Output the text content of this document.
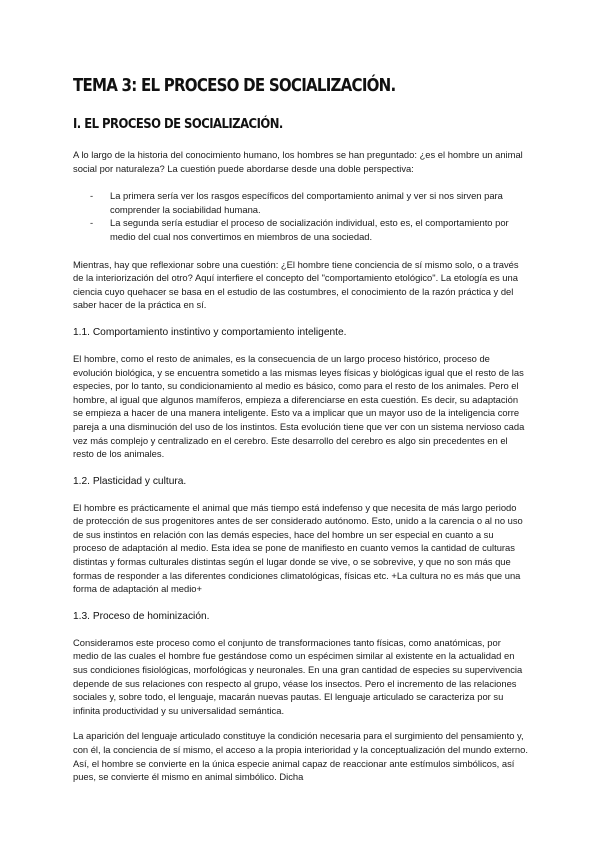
TEMA 3: EL PROCESO DE SOCIALIZACIÓN.
I. EL PROCESO DE SOCIALIZACIÓN.

A lo largo de la historia del conocimiento humano, los hombres se han preguntado: ¿es el hombre un animal social por naturaleza? La cuestión puede abordarse desde una doble perspectiva:

- La primera sería ver los rasgos específicos del comportamiento animal y ver si nos sirven para comprender la sociabilidad humana.
- La segunda sería estudiar el proceso de socialización individual, esto es, el comportamiento por medio del cual nos convertimos en miembros de una sociedad.

Mientras, hay que reflexionar sobre una cuestión: ¿El hombre tiene conciencia de sí mismo solo, o a través de la interiorización del otro? Aquí interfiere el concepto del "comportamiento etológico". La etología es una ciencia cuyo quehacer se basa en el estudio de las costumbres, el conocimiento de la razón práctica y del saber hacer de la práctica en sí.

1.1. Comportamiento instintivo y comportamiento inteligente.

El hombre, como el resto de animales, es la consecuencia de un largo proceso histórico, proceso de evolución biológica, y se encuentra sometido a las mismas leyes físicas y biológicas igual que el resto de las especies, por lo tanto, su condicionamiento al medio es básico, como para el resto de los animales. Pero el hombre, al igual que algunos mamíferos, empieza a diferenciarse en esta cuestión. Es decir, su adaptación se empieza a hacer de una manera inteligente. Esto va a implicar que un mayor uso de la inteligencia corre pareja a una disminución del uso de los instintos. Esta evolución tiene que ver con un sistema nervioso cada vez más complejo y centralizado en el cerebro. Este desarrollo del cerebro es algo sin precedentes en el resto de los animales.

1.2. Plasticidad y cultura.

El hombre es prácticamente el animal que más tiempo está indefenso y que necesita de más largo periodo de protección de sus progenitores antes de ser considerado autónomo. Esto, unido a la carencia o al no uso de sus instintos en relación con las demás especies, hace del hombre un ser especial en cuanto a su proceso de adaptación al medio. Esta idea se pone de manifiesto en cuanto vemos la cantidad de culturas distintas y formas culturales distintas según el lugar donde se vive, o se sobrevive, y que no son más que formas de responder a las diferentes condiciones climatológicas, físicas etc. +La cultura no es más que una forma de adaptación al medio+

1.3. Proceso de hominización.

Consideramos este proceso como el conjunto de transformaciones tanto físicas, como anatómicas, por medio de las cuales el hombre fue gestándose como un espécimen similar al existente en la actualidad en sus condiciones fisiológicas, morfológicas y neuronales. En una gran cantidad de especies su supervivencia depende de sus relaciones con respecto al grupo, véase los insectos. Pero el incremento de las relaciones sociales y, sobre todo, el lenguaje, macarán nuevas pautas. El lenguaje articulado se caracteriza por su infinita productividad y su universalidad semántica.

La aparición del lenguaje articulado constituye la condición necesaria para el surgimiento del pensamiento y, con él, la conciencia de sí mismo, el acceso a la propia interioridad y la conceptualización del mundo externo. Así, el hombre se convierte en la única especie animal capaz de reaccionar ante estímulos simbólicos, así pues, se convierte él mismo en animal simbólico. Dicha
